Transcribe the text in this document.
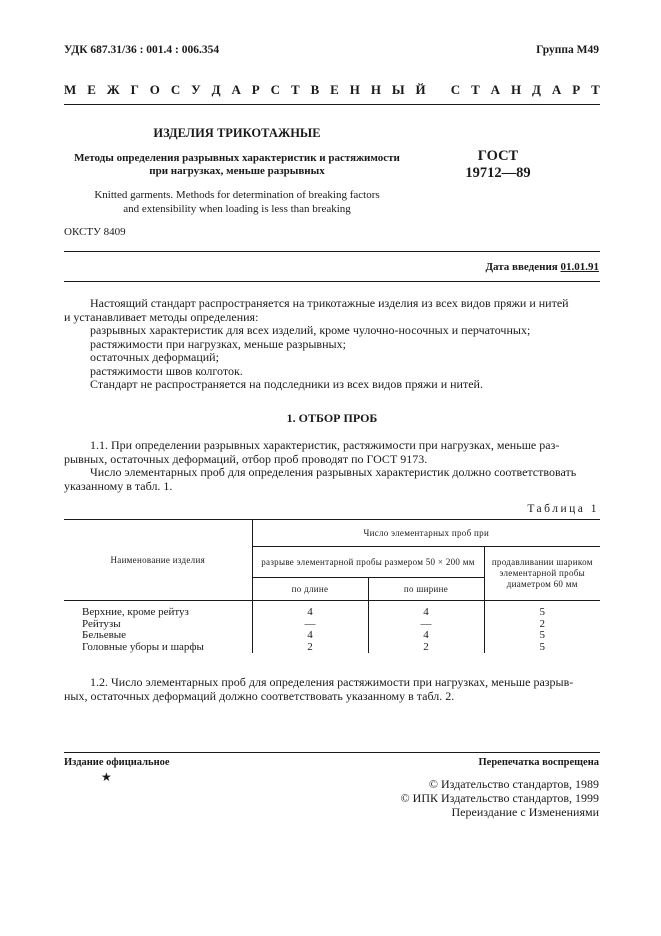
УДК 687.31/36 : 001.4 : 006.354	Группа М49
М Е Ж Г О С У Д А Р С Т В Е Н Н Ы Й
С Т А Н Д А Р Т
ИЗДЕЛИЯ ТРИКОТАЖНЫЕ
Методы определения разрывных характеристик и растяжимости
при нагрузках, меньше разрывных
ГОСТ
19712—89
Knitted garments. Methods for determination of breaking factors
and extensibility when loading is less than breaking
ОКСТУ 8409
Дата введения 01.01.91
Настоящий стандарт распространяется на трикотажные изделия из всех видов пряжи и нитей
и устанавливает методы определения:
разрывных характеристик для всех изделий, кроме чулочно-носочных и перчаточных;
растяжимости при нагрузках, меньше разрывных;
остаточных деформаций;
растяжимости швов колготок.
Стандарт не распространяется на подследники из всех видов пряжи и нитей.
1. ОТБОР ПРОБ
1.1. При определении разрывных характеристик, растяжимости при нагрузках, меньше раз-
рывных, остаточных деформаций, отбор проб проводят по ГОСТ 9173.
Число элементарных проб для определения разрывных характеристик должно соответствовать
указанному в табл. 1.
Таблица 1
Наименование изделия	Число элементарных проб при		
	разрыве элементарной пробы размером 50 × 200 мм		продавливании шариком элементарной пробы диаметром 60 мм
	по длине	по ширине	

Верхние, кроме рейтуз	4	4	5
Рейтузы	—	—	2
Бельевые	4	4	5
Головные уборы и шарфы	2	2	5
1.2. Число элементарных проб для определения растяжимости при нагрузках, меньше разрыв-
ных, остаточных деформаций должно соответствовать указанному в табл. 2.
Издание официальное	Перепечатка воспрещена
★	© Издательство стандартов, 1989
© ИПК Издательство стандартов, 1999
Переиздание с Изменениями
